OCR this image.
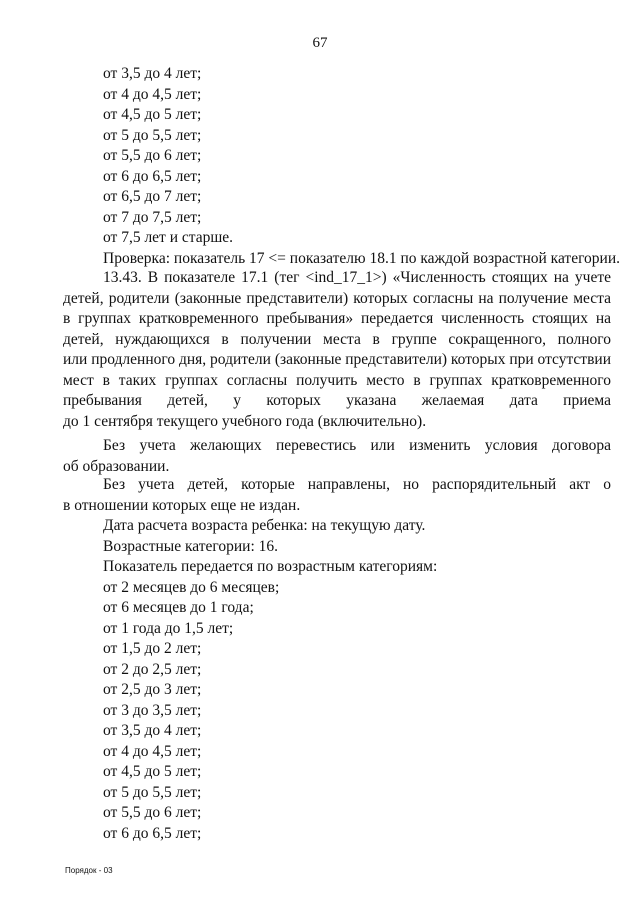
67
от 3,5 до 4 лет;
от 4 до 4,5 лет;
от 4,5 до 5 лет;
от 5 до 5,5 лет;
от 5,5 до 6 лет;
от 6 до 6,5 лет;
от 6,5 до 7 лет;
от 7 до 7,5 лет;
от 7,5 лет и старше.
Проверка: показатель 17 <= показателю 18.1 по каждой возрастной категории.
13.43. В показателе 17.1 (тег <ind_17_1>) «Численность стоящих на учете
детей, родители (законные представители) которых согласны на получение места
в группах кратковременного пребывания» передается численность стоящих на
детей, нуждающихся в получении места в группе сокращенного, полного
или продленного дня, родители (законные представители) которых при отсутствии
мест в таких группах согласны получить место в группах кратковременного
пребывания детей, у которых указана желаемая дата приема
до 1 сентября текущего учебного года (включительно).
Без учета желающих перевестись или изменить условия договора
об образовании.
Без учета детей, которые направлены, но распорядительный акт о
в отношении которых еще не издан.
Дата расчета возраста ребенка: на текущую дату.
Возрастные категории: 16.
Показатель передается по возрастным категориям:
от 2 месяцев до 6 месяцев;
от 6 месяцев до 1 года;
от 1 года до 1,5 лет;
от 1,5 до 2 лет;
от 2 до 2,5 лет;
от 2,5 до 3 лет;
от 3 до 3,5 лет;
от 3,5 до 4 лет;
от 4 до 4,5 лет;
от 4,5 до 5 лет;
от 5 до 5,5 лет;
от 5,5 до 6 лет;
от 6 до 6,5 лет;
Порядок - 03
